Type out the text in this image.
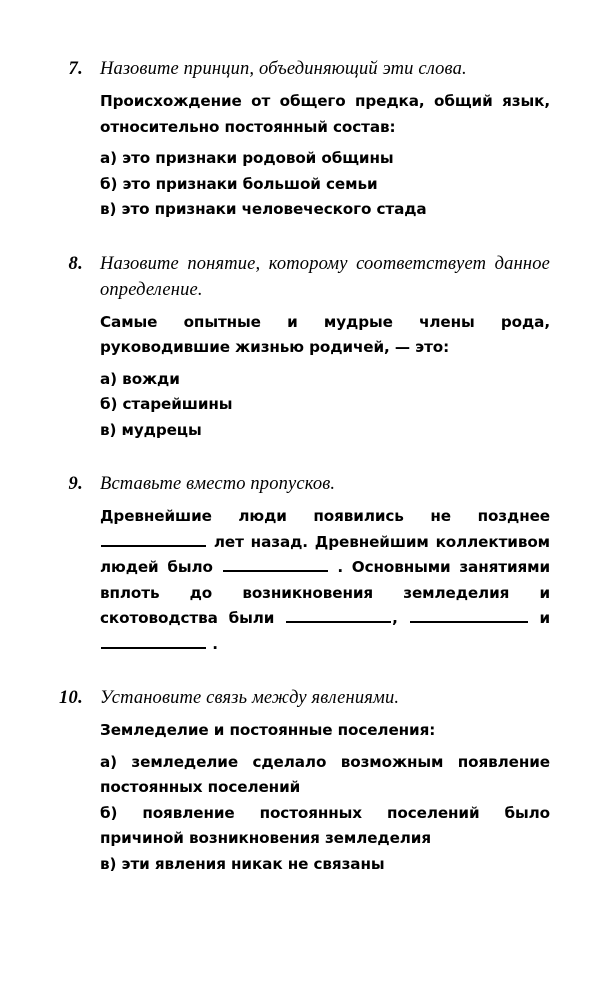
7. Назовите принцип, объединяющий эти слова.

Происхождение от общего предка, общий язык, относительно постоянный состав:

а) это признаки родовой общины
б) это признаки большой семьи
в) это признаки человеческого стада
8. Назовите понятие, которому соответствует данное определение.

Самые опытные и мудрые члены рода, руководившие жизнью родичей, — это:

а) вожди
б) старейшины
в) мудрецы
9. Вставьте вместо пропусков.

Древнейшие люди появились не позднее  лет назад. Древнейшим коллективом людей было	. Основными занятиями вплоть до возникновения земледелия и скотоводства были	,	и  .

10. Установите связь между явлениями.

Земледелие и постоянные поселения:

а) земледелие сделало возможным появление постоянных поселений
б) появление постоянных поселений было причиной возникновения земледелия
в) эти явления никак не связаны
